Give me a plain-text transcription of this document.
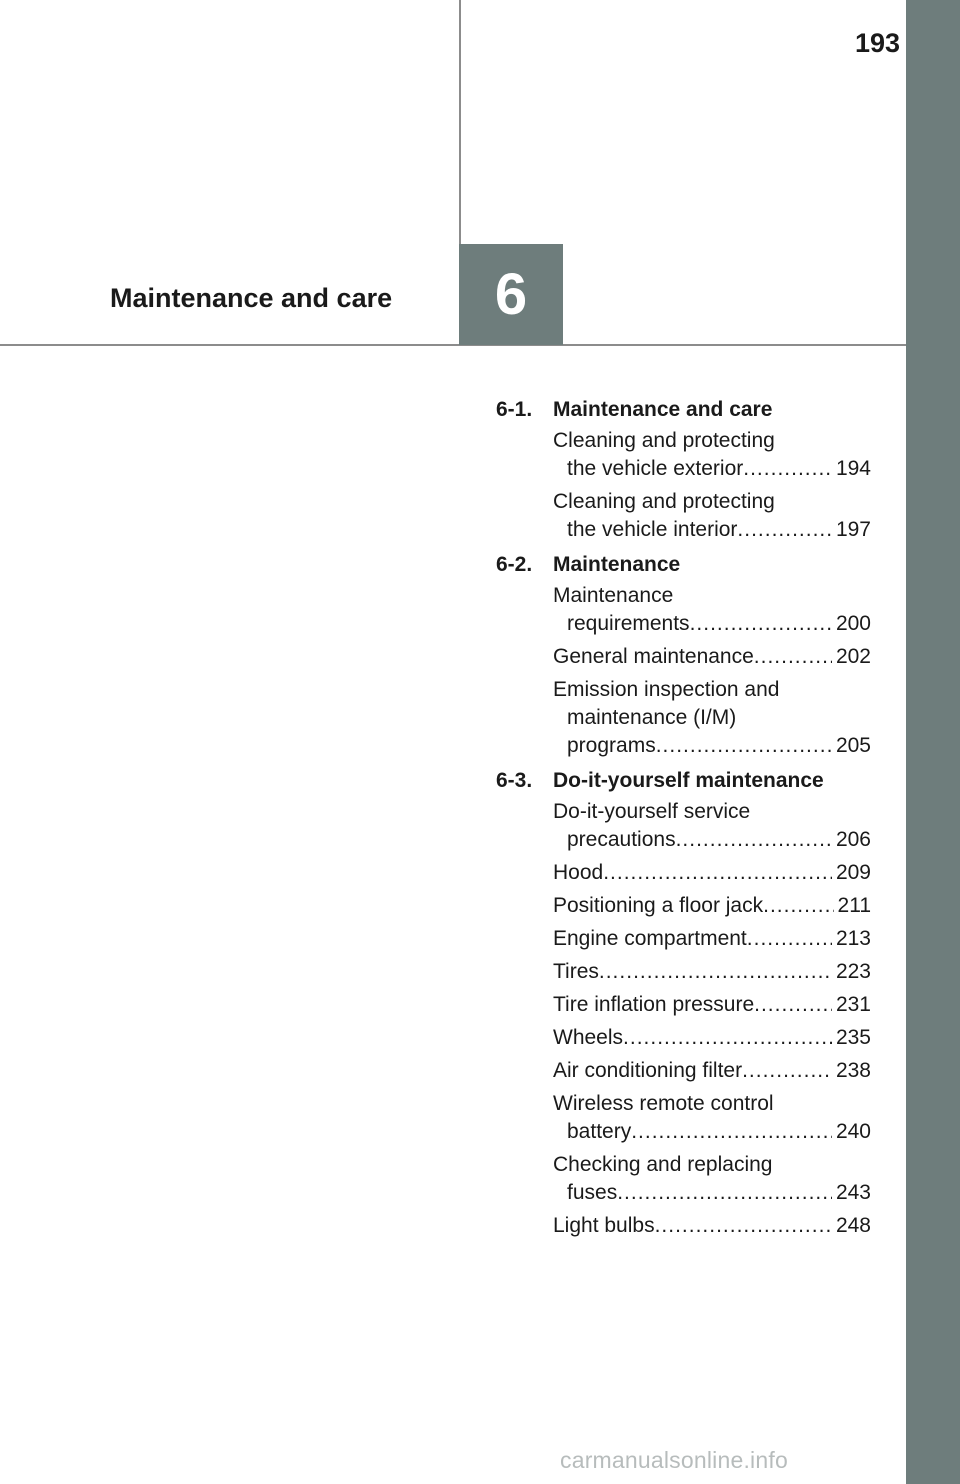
193
Maintenance and care 6
6-1. Maintenance and care
Cleaning and protecting
the vehicle exterior .....	194
Cleaning and protecting
the vehicle interior .....	197
6-2. Maintenance
Maintenance
requirements .....	200
General maintenance .....	202
Emission inspection and
maintenance (I/M)
programs .....	205
6-3. Do-it-yourself maintenance
Do-it-yourself service
precautions .....	206
Hood .....	209
Positioning a floor jack .....	211
Engine compartment .....	213
Tires .....	223
Tire inflation pressure .....	231
Wheels .....	235
Air conditioning filter .....	238
Wireless remote control
battery .....	240
Checking and replacing
fuses .....	243
Light bulbs .....	248
carmanualsonline.info
